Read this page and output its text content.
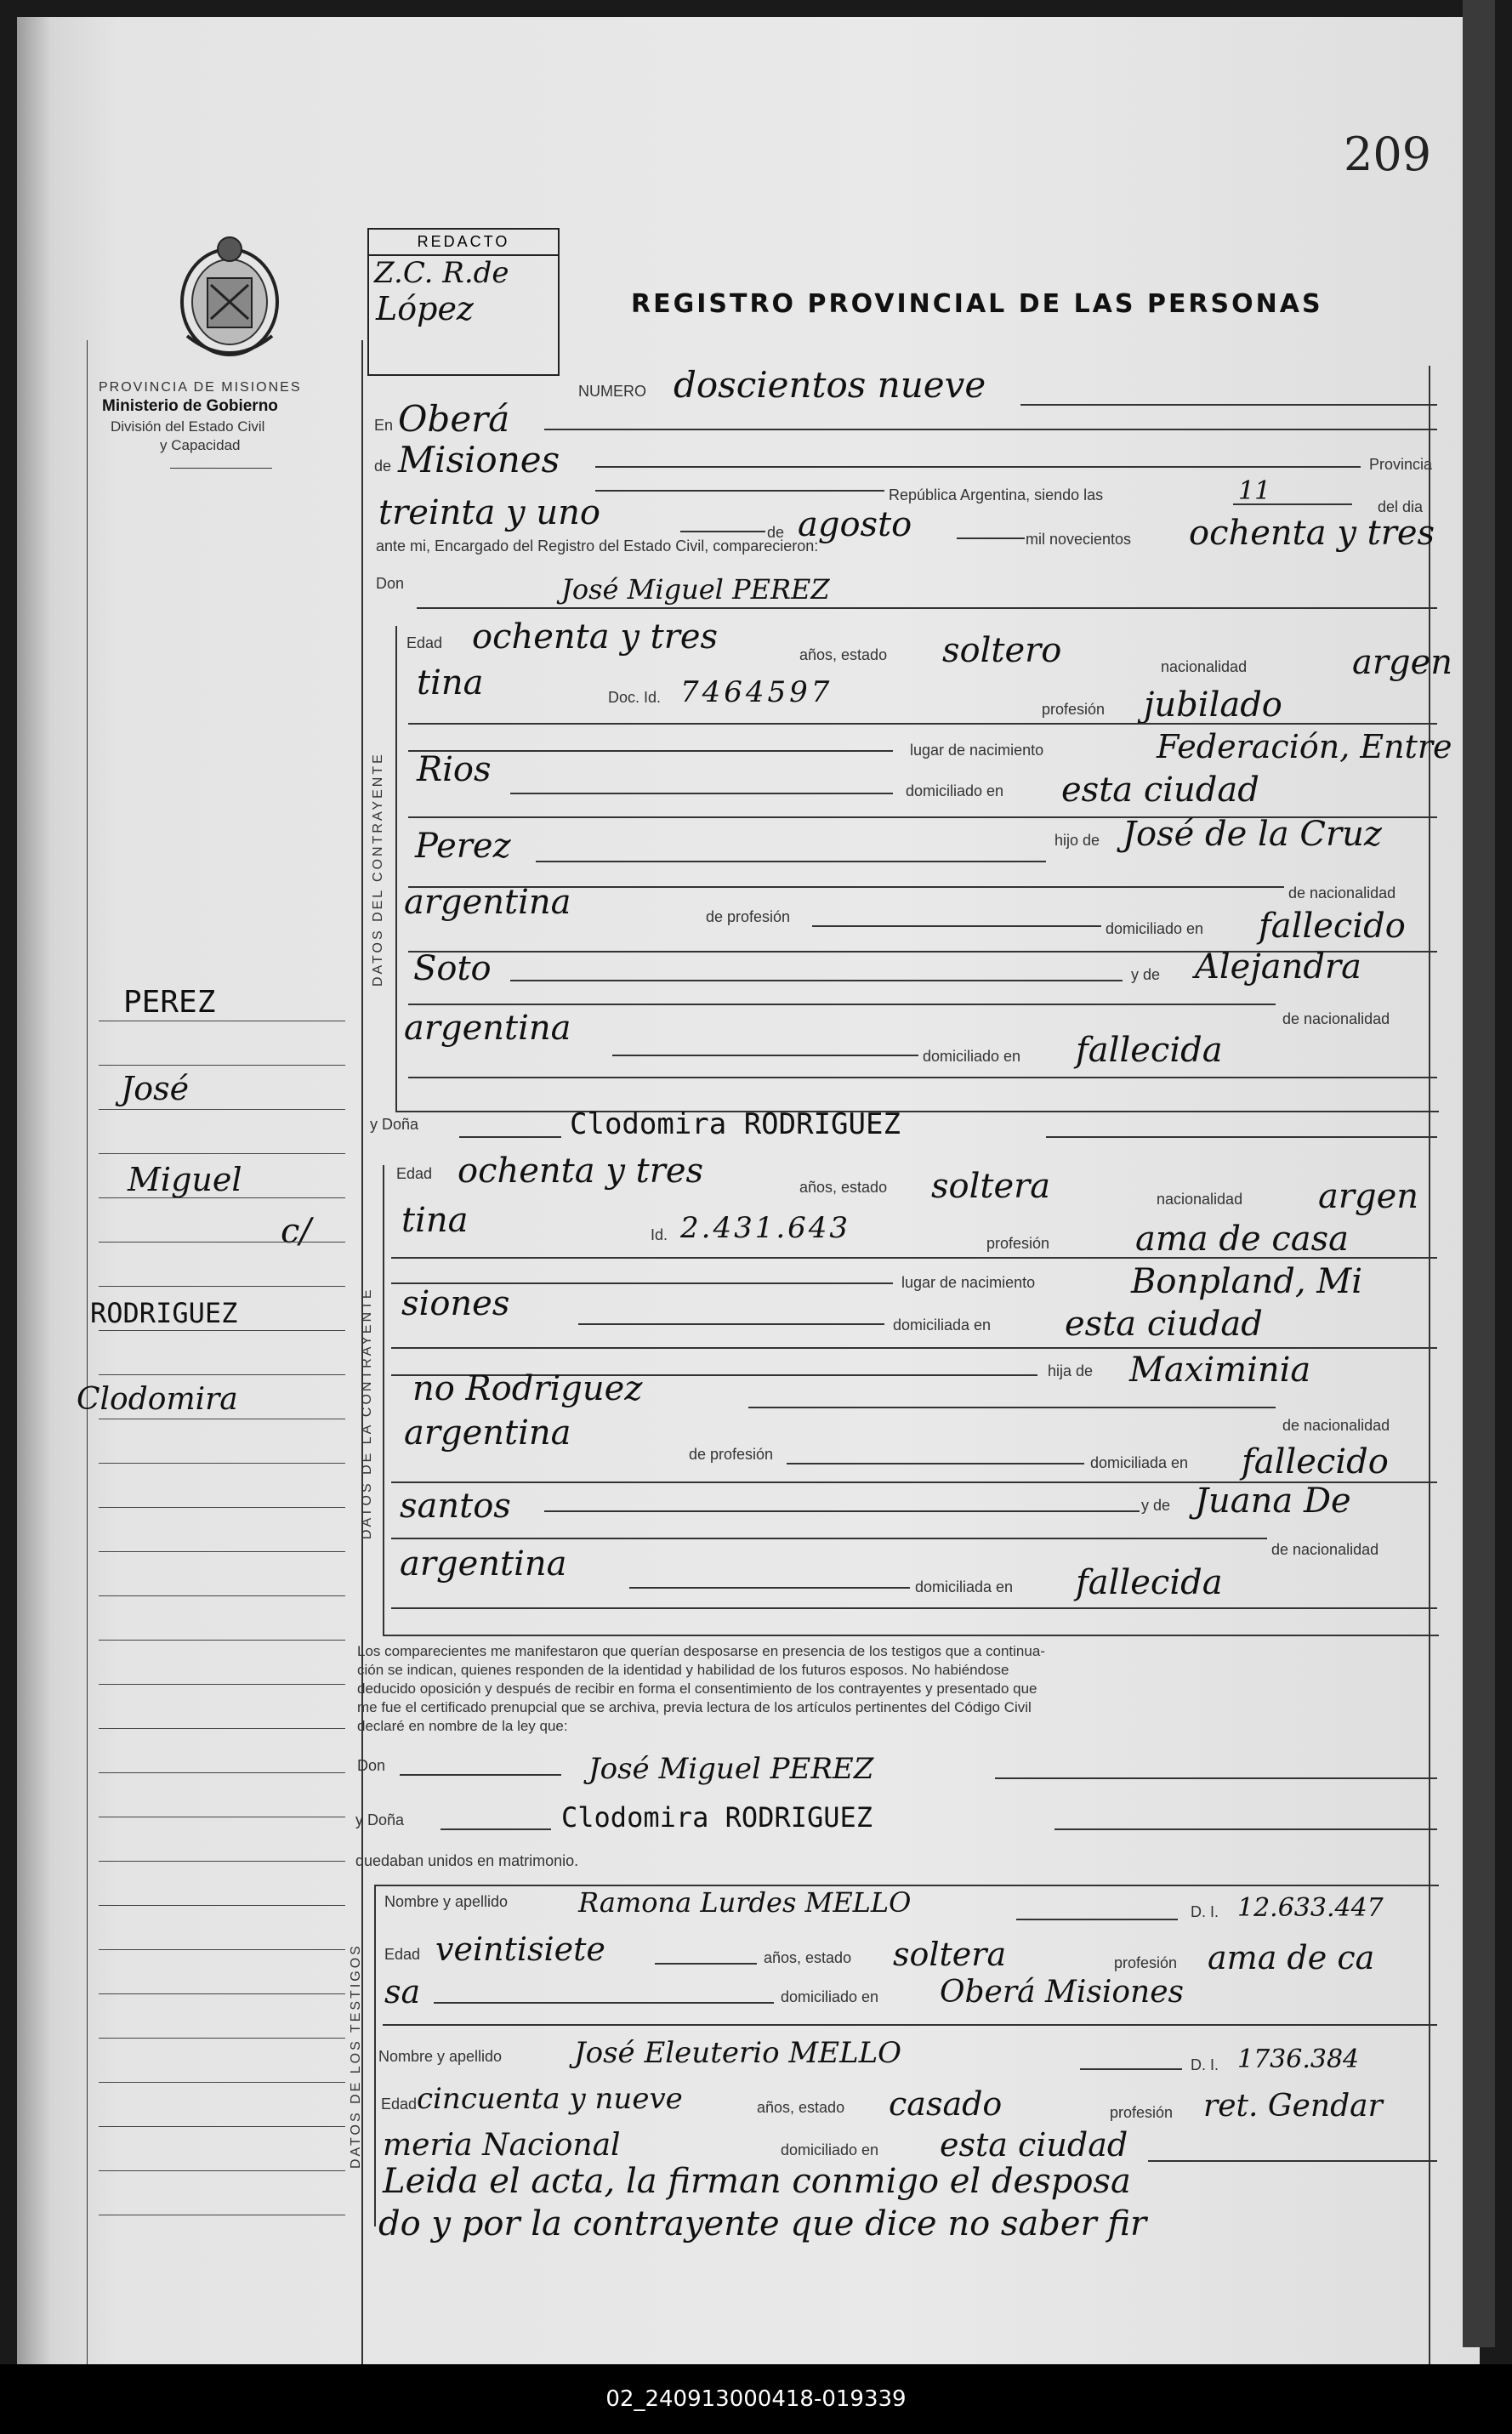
209
PROVINCIA DE MISIONES
Ministerio de Gobierno
División del Estado Civil
y Capacidad
REDACTO
Z.C. R.de
López	REGISTRO PROVINCIAL DE LAS PERSONAS
PEREZ
José
Miguel
c/
RODRIGUEZ
Clodomira
NUMERO doscientos nueve
En Oberá
de Misiones	Provincia
República Argentina, siendo las	11
del dia
treinta y uno	de agosto	mil novecientos ochenta y tres
ante mi, Encargado del Registro del Estado Civil, comparecieron:
Don	José Miguel PEREZ
DATOS DEL CONTRAYENTE
Edad ochenta y tres	años, estado soltero	nacionalidad	argen
tina	Doc. Id. 7464597	profesión jubilado
lugar de nacimiento	Federación, Entre
Rios
domiciliado en esta ciudad
Perez	hijo de José de la Cruz
de nacionalidad
argentina	de profesión
domiciliado en fallecido
Soto	y de Alejandra
de nacionalidad
argentina
domiciliado en fallecida
y Doña	Clodomira RODRIGUEZ
DATOS DE LA CONTRAYENTE
Edad ochenta y tres	años, estado soltera	nacionalidad argen
tina	Id. 2.431.643	profesión	ama de casa
lugar de nacimiento	Bonpland, Mi
siones
domiciliada en esta ciudad
hija de Maximinia
no Rodriguez
de nacionalidad
argentina
de profesión	domiciliada en fallecido
santos	y de Juana De
de nacionalidad
argentina
domiciliada en fallecida
Los comparecientes me manifestaron que querían desposarse en presencia de los testigos que a continua-
ción se indican, quienes responden de la identidad y habilidad de los futuros esposos. No habiéndose
deducido oposición y después de recibir en forma el consentimiento de los contrayentes y presentado que
me fue el certificado prenupcial que se archiva, previa lectura de los artículos pertinentes del Código Civil
declaré en nombre de la ley que:
Don	José Miguel PEREZ
y Doña	Clodomira RODRIGUEZ
quedaban unidos en matrimonio.
DATOS DE LOS TESTIGOS
Nombre y apellido	Ramona Lurdes MELLO	D. I. 12.633.447
Edad veintisiete	años, estado soltera	profesión ama de ca
sa	domiciliado en Oberá Misiones
Nombre y apellido José Eleuterio MELLO	D. I. 1736.384
Edad cincuenta y nueve	años, estado casado	profesión ret. Gendar
meria Nacional	domiciliado en esta ciudad
Leida el acta, la firman conmigo el desposa
do y por la contrayente que dice no saber fir
02_240913000418-019339
